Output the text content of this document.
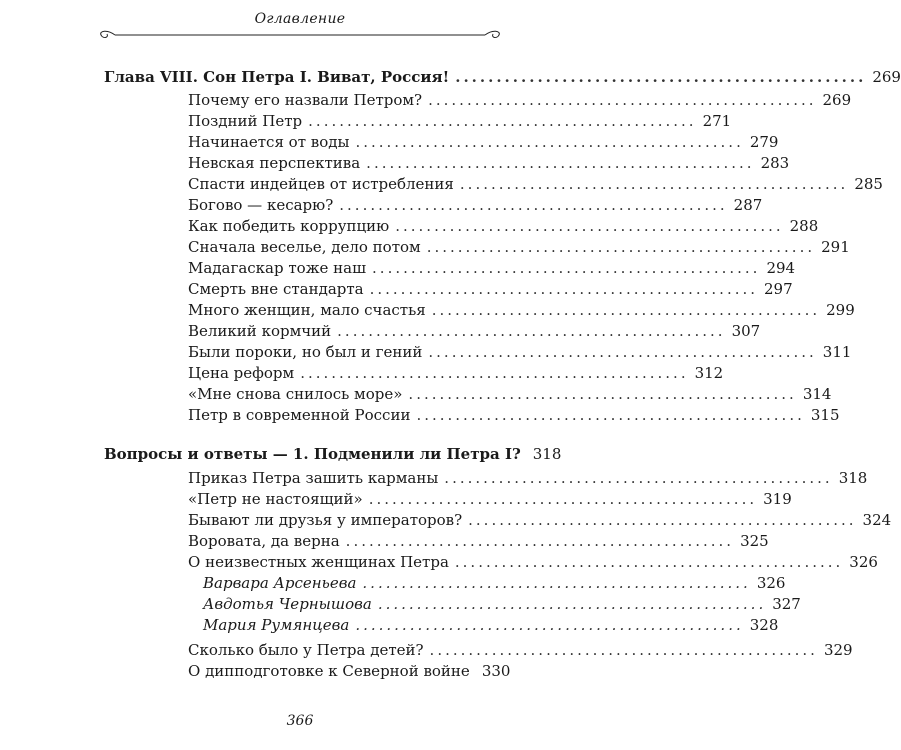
Оглавление
Глава VIII. Сон Петра I. Виват, Россия! .................................................. 269
Почему его назвали Петром? .................................................. 269
Поздний Петр .................................................. 271
Начинается от воды .................................................. 279
Невская перспектива .................................................. 283
Спасти индейцев от истребления .................................................. 285
Богово — кесарю? .................................................. 287
Как победить коррупцию .................................................. 288
Сначала веселье, дело потом .................................................. 291
Мадагаскар тоже наш .................................................. 294
Смерть вне стандарта .................................................. 297
Много женщин, мало счастья .................................................. 299
Великий кормчий .................................................. 307
Были пороки, но был и гений .................................................. 311
Цена реформ .................................................. 312
«Мне снова снилось море» .................................................. 314
Петр в современной России .................................................. 315
Вопросы и ответы — 1. Подменили ли Петра I? 318
Приказ Петра зашить карманы .................................................. 318
«Петр не настоящий» .................................................. 319
Бывают ли друзья у императоров? .................................................. 324
Воровата, да верна .................................................. 325
О неизвестных женщинах Петра .................................................. 326
Варвара Арсеньева .................................................. 326
Авдотья Чернышова .................................................. 327
Мария Румянцева .................................................. 328
Сколько было у Петра детей? .................................................. 329
О дипподготовке к Северной войне 330
366
